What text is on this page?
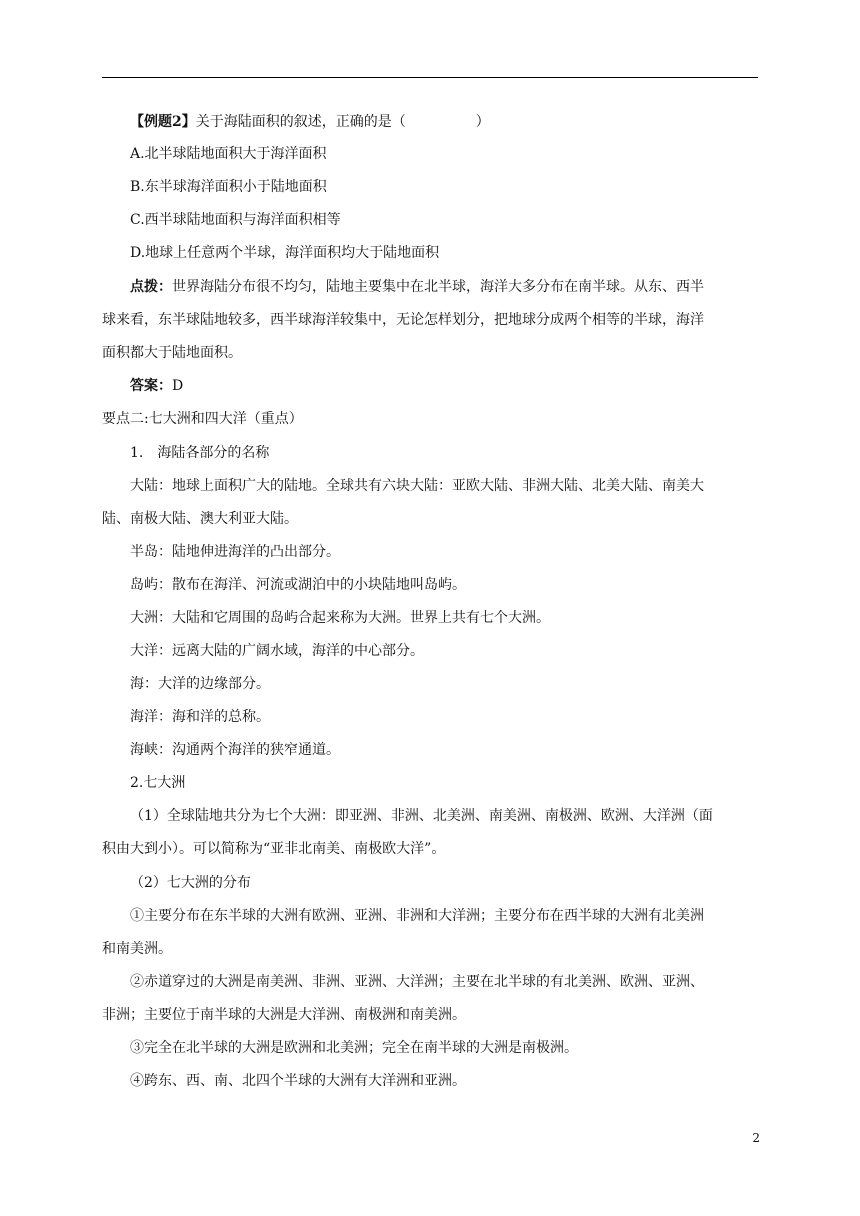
【例题2】关于海陆面积的叙述，正确的是（　　　　　）
A.北半球陆地面积大于海洋面积
B.东半球海洋面积小于陆地面积
C.西半球陆地面积与海洋面积相等
D.地球上任意两个半球，海洋面积均大于陆地面积
点拨：世界海陆分布很不均匀，陆地主要集中在北半球，海洋大多分布在南半球。从东、西半
球来看，东半球陆地较多，西半球海洋较集中，无论怎样划分，把地球分成两个相等的半球，海洋
面积都大于陆地面积。
答案：D
要点二:七大洲和四大洋（重点）
1.　海陆各部分的名称
大陆：地球上面积广大的陆地。全球共有六块大陆：亚欧大陆、非洲大陆、北美大陆、南美大
陆、南极大陆、澳大利亚大陆。
半岛：陆地伸进海洋的凸出部分。
岛屿：散布在海洋、河流或湖泊中的小块陆地叫岛屿。
大洲：大陆和它周围的岛屿合起来称为大洲。世界上共有七个大洲。
大洋：远离大陆的广阔水域，海洋的中心部分。
海：大洋的边缘部分。
海洋：海和洋的总称。
海峡：沟通两个海洋的狭窄通道。
2.七大洲
（1）全球陆地共分为七个大洲：即亚洲、非洲、北美洲、南美洲、南极洲、欧洲、大洋洲（面
积由大到小）。可以简称为“亚非北南美、南极欧大洋”。
（2）七大洲的分布
①主要分布在东半球的大洲有欧洲、亚洲、非洲和大洋洲；主要分布在西半球的大洲有北美洲
和南美洲。
②赤道穿过的大洲是南美洲、非洲、亚洲、大洋洲；主要在北半球的有北美洲、欧洲、亚洲、
非洲；主要位于南半球的大洲是大洋洲、南极洲和南美洲。
③完全在北半球的大洲是欧洲和北美洲；完全在南半球的大洲是南极洲。
④跨东、西、南、北四个半球的大洲有大洋洲和亚洲。
2
